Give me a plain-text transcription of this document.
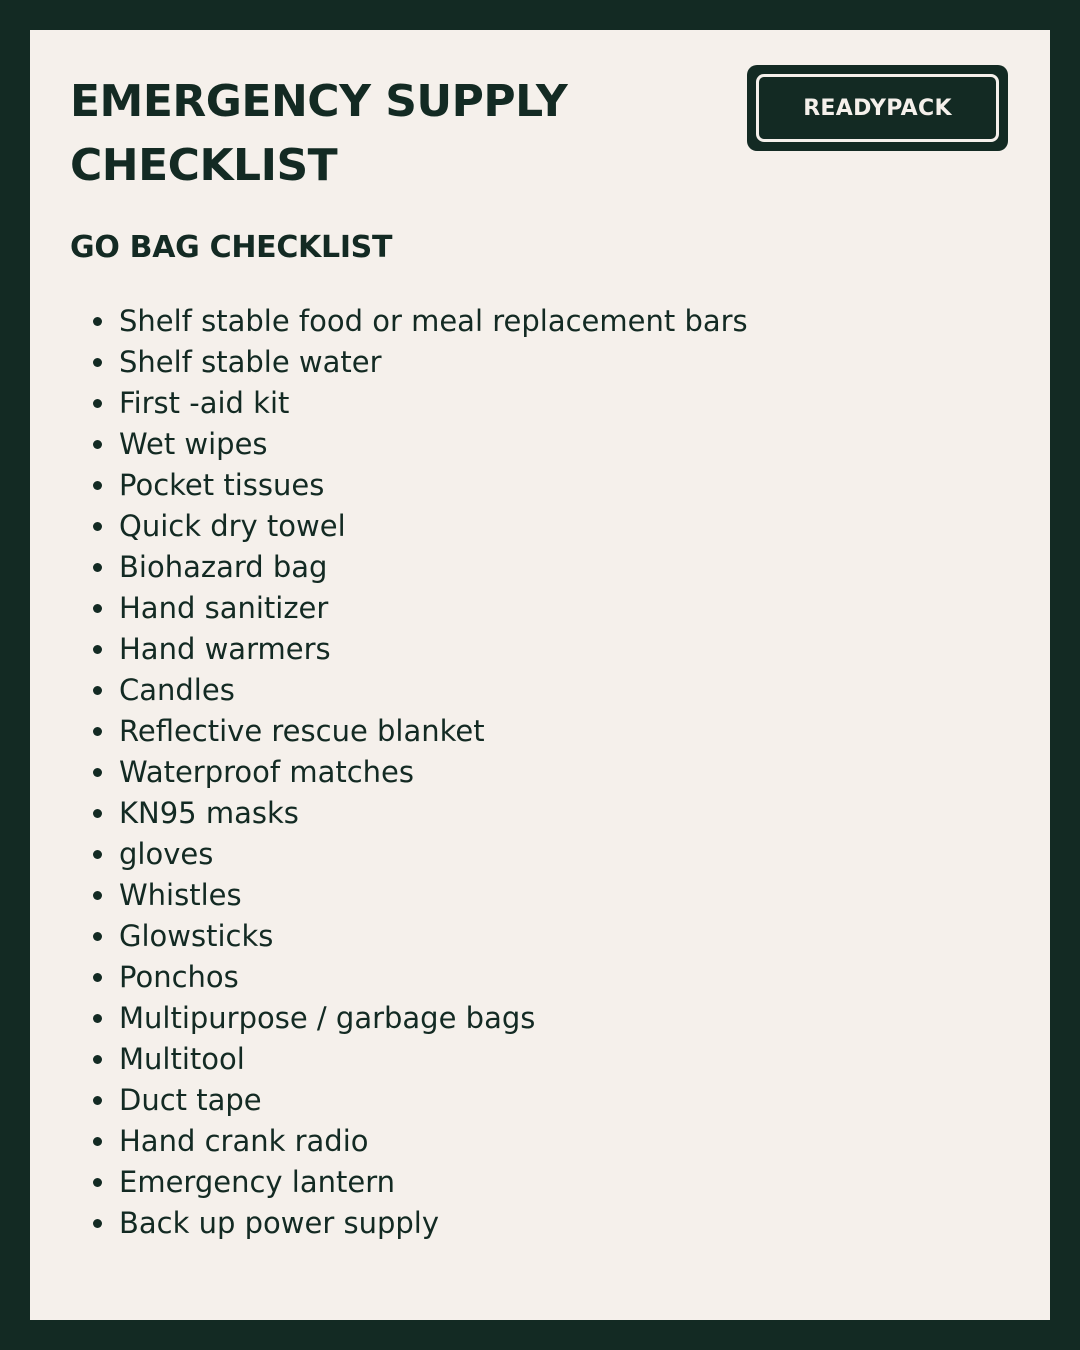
EMERGENCY SUPPLY
CHECKLIST
READYPACK
GO BAG CHECKLIST
Shelf stable food or meal replacement bars
Shelf stable water
First -aid kit
Wet wipes
Pocket tissues
Quick dry towel
Biohazard bag
Hand sanitizer
Hand warmers
Candles
Reflective rescue blanket
Waterproof matches
KN95 masks
gloves
Whistles
Glowsticks
Ponchos
Multipurpose / garbage bags
Multitool
Duct tape
Hand crank radio
Emergency lantern
Back up power supply
